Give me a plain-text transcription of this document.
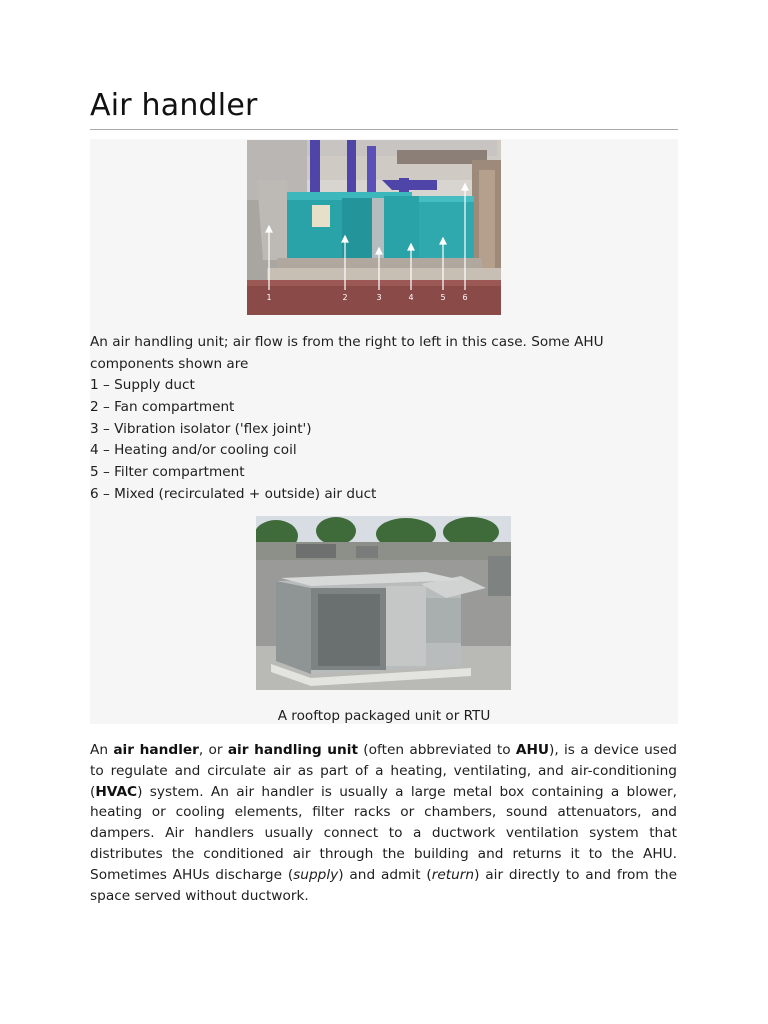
Air handler
1	2	3	4	5 6
An air handling unit; air flow is from the right to left in this case. Some AHU components shown are
1 – Supply duct
2 – Fan compartment
3 – Vibration isolator ('flex joint')
4 – Heating and/or cooling coil
5 – Filter compartment
6 – Mixed (recirculated + outside) air duct
A rooftop packaged unit or RTU

An air handler, or air handling unit (often abbreviated to AHU), is a device used to regulate and circulate air as part of a heating, ventilating, and air-conditioning (HVAC) system. An air handler is usually a large metal box containing a blower, heating or cooling elements, filter racks or chambers, sound attenuators, and dampers. Air handlers usually connect to a ductwork ventilation system that distributes the conditioned air through the building and returns it to the AHU. Sometimes AHUs discharge (supply) and admit (return) air directly to and from the space served without ductwork.
